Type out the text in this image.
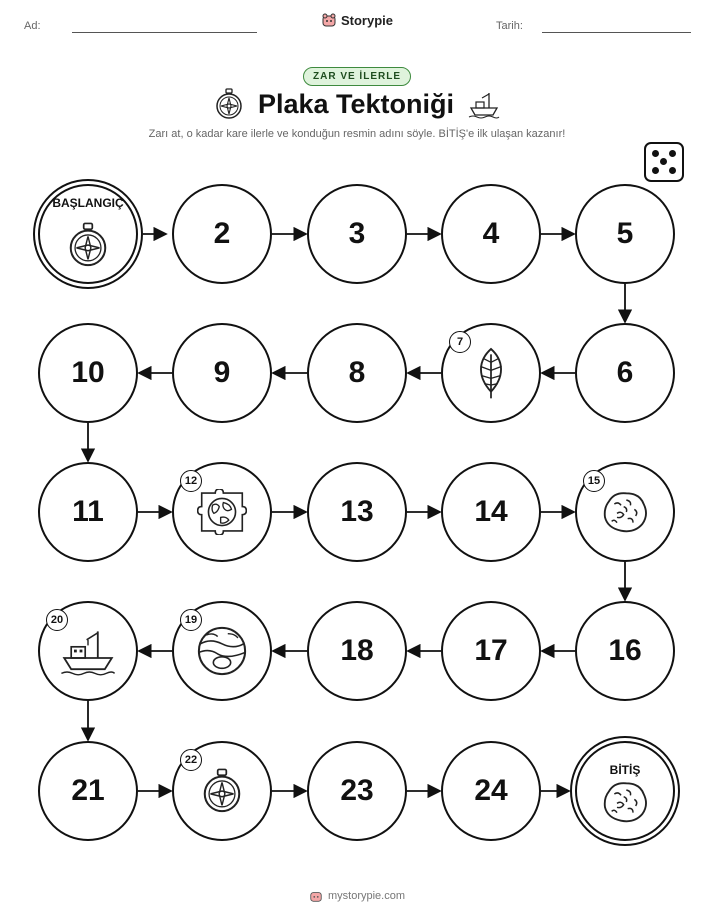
Ad:	Tarih:
Storypie
ZAR VE İLERLE
Plaka Tektoniği
Zarı at, o kadar kare ilerle ve konduğun resmin adını söyle. BİTİŞ'e ilk ulaşan kazanır!
BAŞLANGIÇ
2	3	4	5
6
7
8
9
10
11
12
13	14
15
16
17
18
19
20
21
22
23	24
BİTİŞ
mystorypie.com
